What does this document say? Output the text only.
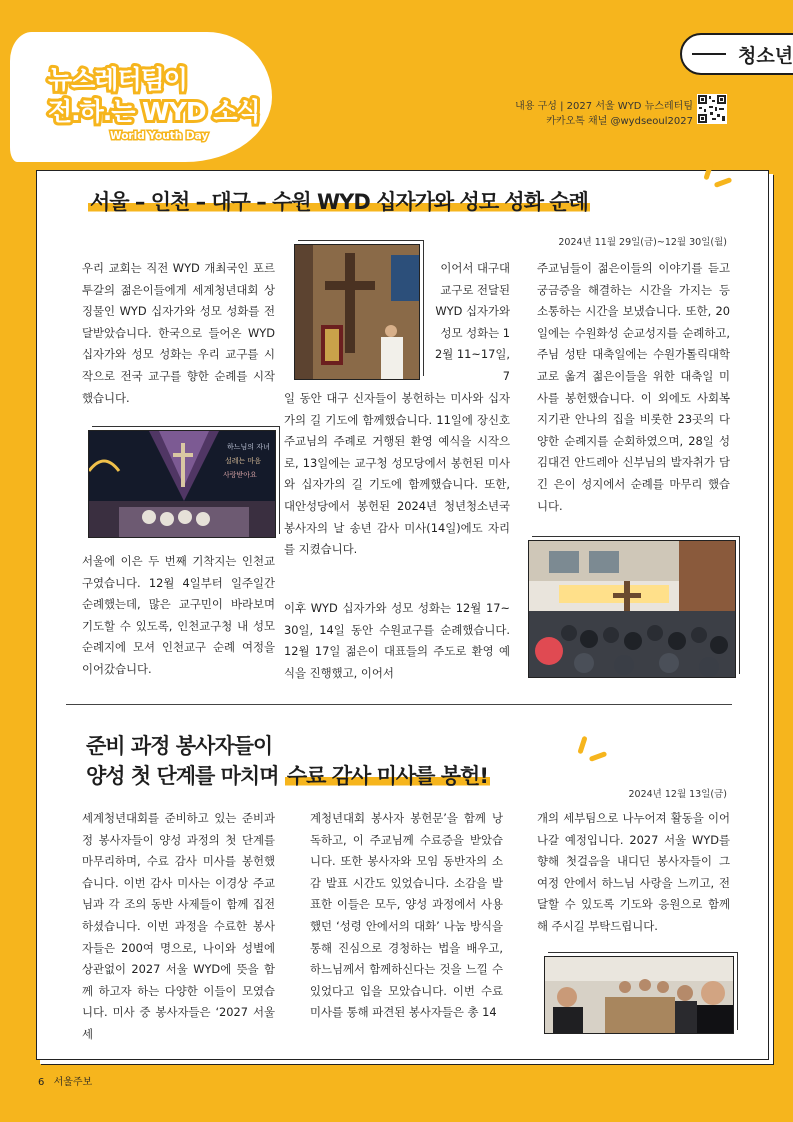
뉴스레터팀이
전.하.는 WYD 소식
World Youth Day
청소년
내용 구성 | 2027 서울 WYD 뉴스레터팀
카카오톡 채널 @wydseoul2027
서울 – 인천 – 대구 – 수원 WYD 십자가와 성모 성화 순례
2024년 11월 29일(금)~12월 30일(월)
우리 교회는 직전 WYD 개최국인 포르투갈의 젊은이들에게 세계청년대회 상징물인 WYD 십자가와 성모 성화를 전달받았습니다. 한국으로 들어온 WYD 십자가와 성모 성화는 우리 교구를 시작으로 전국 교구를 향한 순례를 시작했습니다.
하느님의 자녀
설레는 마음
사랑받아요
서울에 이은 두 번째 기착지는 인천교구였습니다. 12월 4일부터 일주일간 순례했는데, 많은 교구민이 바라보며 기도할 수 있도록, 인천교구청 내 성모 순례지에 모셔 인천교구 순례 여정을 이어갔습니다.
이어서 대구대교구로 전달된 WYD 십자가와 성모 성화는 12월 11~17일, 7
일 동안 대구 신자들이 봉헌하는 미사와 십자가의 길 기도에 함께했습니다. 11일에 장신호 주교님의 주례로 거행된 환영 예식을 시작으로, 13일에는 교구청 성모당에서 봉헌된 미사와 십자가의 길 기도에 함께했습니다. 또한, 대안성당에서 봉헌된 2024년 청년청소년국 봉사자의 날 송년 감사 미사(14일)에도 자리를 지켰습니다.
이후 WYD 십자가와 성모 성화는 12월 17~30일, 14일 동안 수원교구를 순례했습니다. 12월 17일 젊은이 대표들의 주도로 환영 예식을 진행했고, 이어서
주교님들이 젊은이들의 이야기를 듣고 궁금증을 해결하는 시간을 가지는 등 소통하는 시간을 보냈습니다. 또한, 20일에는 수원화성 순교성지를 순례하고, 주님 성탄 대축일에는 수원가톨릭대학교로 옮겨 젊은이들을 위한 대축일 미사를 봉헌했습니다. 이 외에도 사회복지기관 안나의 집을 비롯한 23곳의 다양한 순례지를 순회하였으며, 28일 성 김대건 안드레아 신부님의 발자취가 담긴 은이 성지에서 순례를 마무리 했습니다.
준비 과정 봉사자들이
양성 첫 단계를 마치며 수료 감사 미사를 봉헌!
2024년 12월 13일(금)
세계청년대회를 준비하고 있는 준비과정 봉사자들이 양성 과정의 첫 단계를 마무리하며, 수료 감사 미사를 봉헌했습니다. 이번 감사 미사는 이경상 주교님과 각 조의 동반 사제들이 함께 집전하셨습니다. 이번 과정을 수료한 봉사자들은 200여 명으로, 나이와 성별에 상관없이 2027 서울 WYD에 뜻을 함께 하고자 하는 다양한 이들이 모였습니다. 미사 중 봉사자들은 ‘2027 서울 세
계청년대회 봉사자 봉헌문’을 함께 낭독하고, 이 주교님께 수료증을 받았습니다. 또한 봉사자와 모임 동반자의 소감 발표 시간도 있었습니다. 소감을 발표한 이들은 모두, 양성 과정에서 사용했던 ‘성령 안에서의 대화’ 나눔 방식을 통해 진심으로 경청하는 법을 배우고, 하느님께서 함께하신다는 것을 느낄 수 있었다고 입을 모았습니다. 이번 수료 미사를 통해 파견된 봉사자들은 총 14
개의 세부팀으로 나누어져 활동을 이어나갈 예정입니다. 2027 서울 WYD를 향해 첫걸음을 내디딘 봉사자들이 그 여정 안에서 하느님 사랑을 느끼고, 전달할 수 있도록 기도와 응원으로 함께 해 주시길 부탁드립니다.
6 서울주보
